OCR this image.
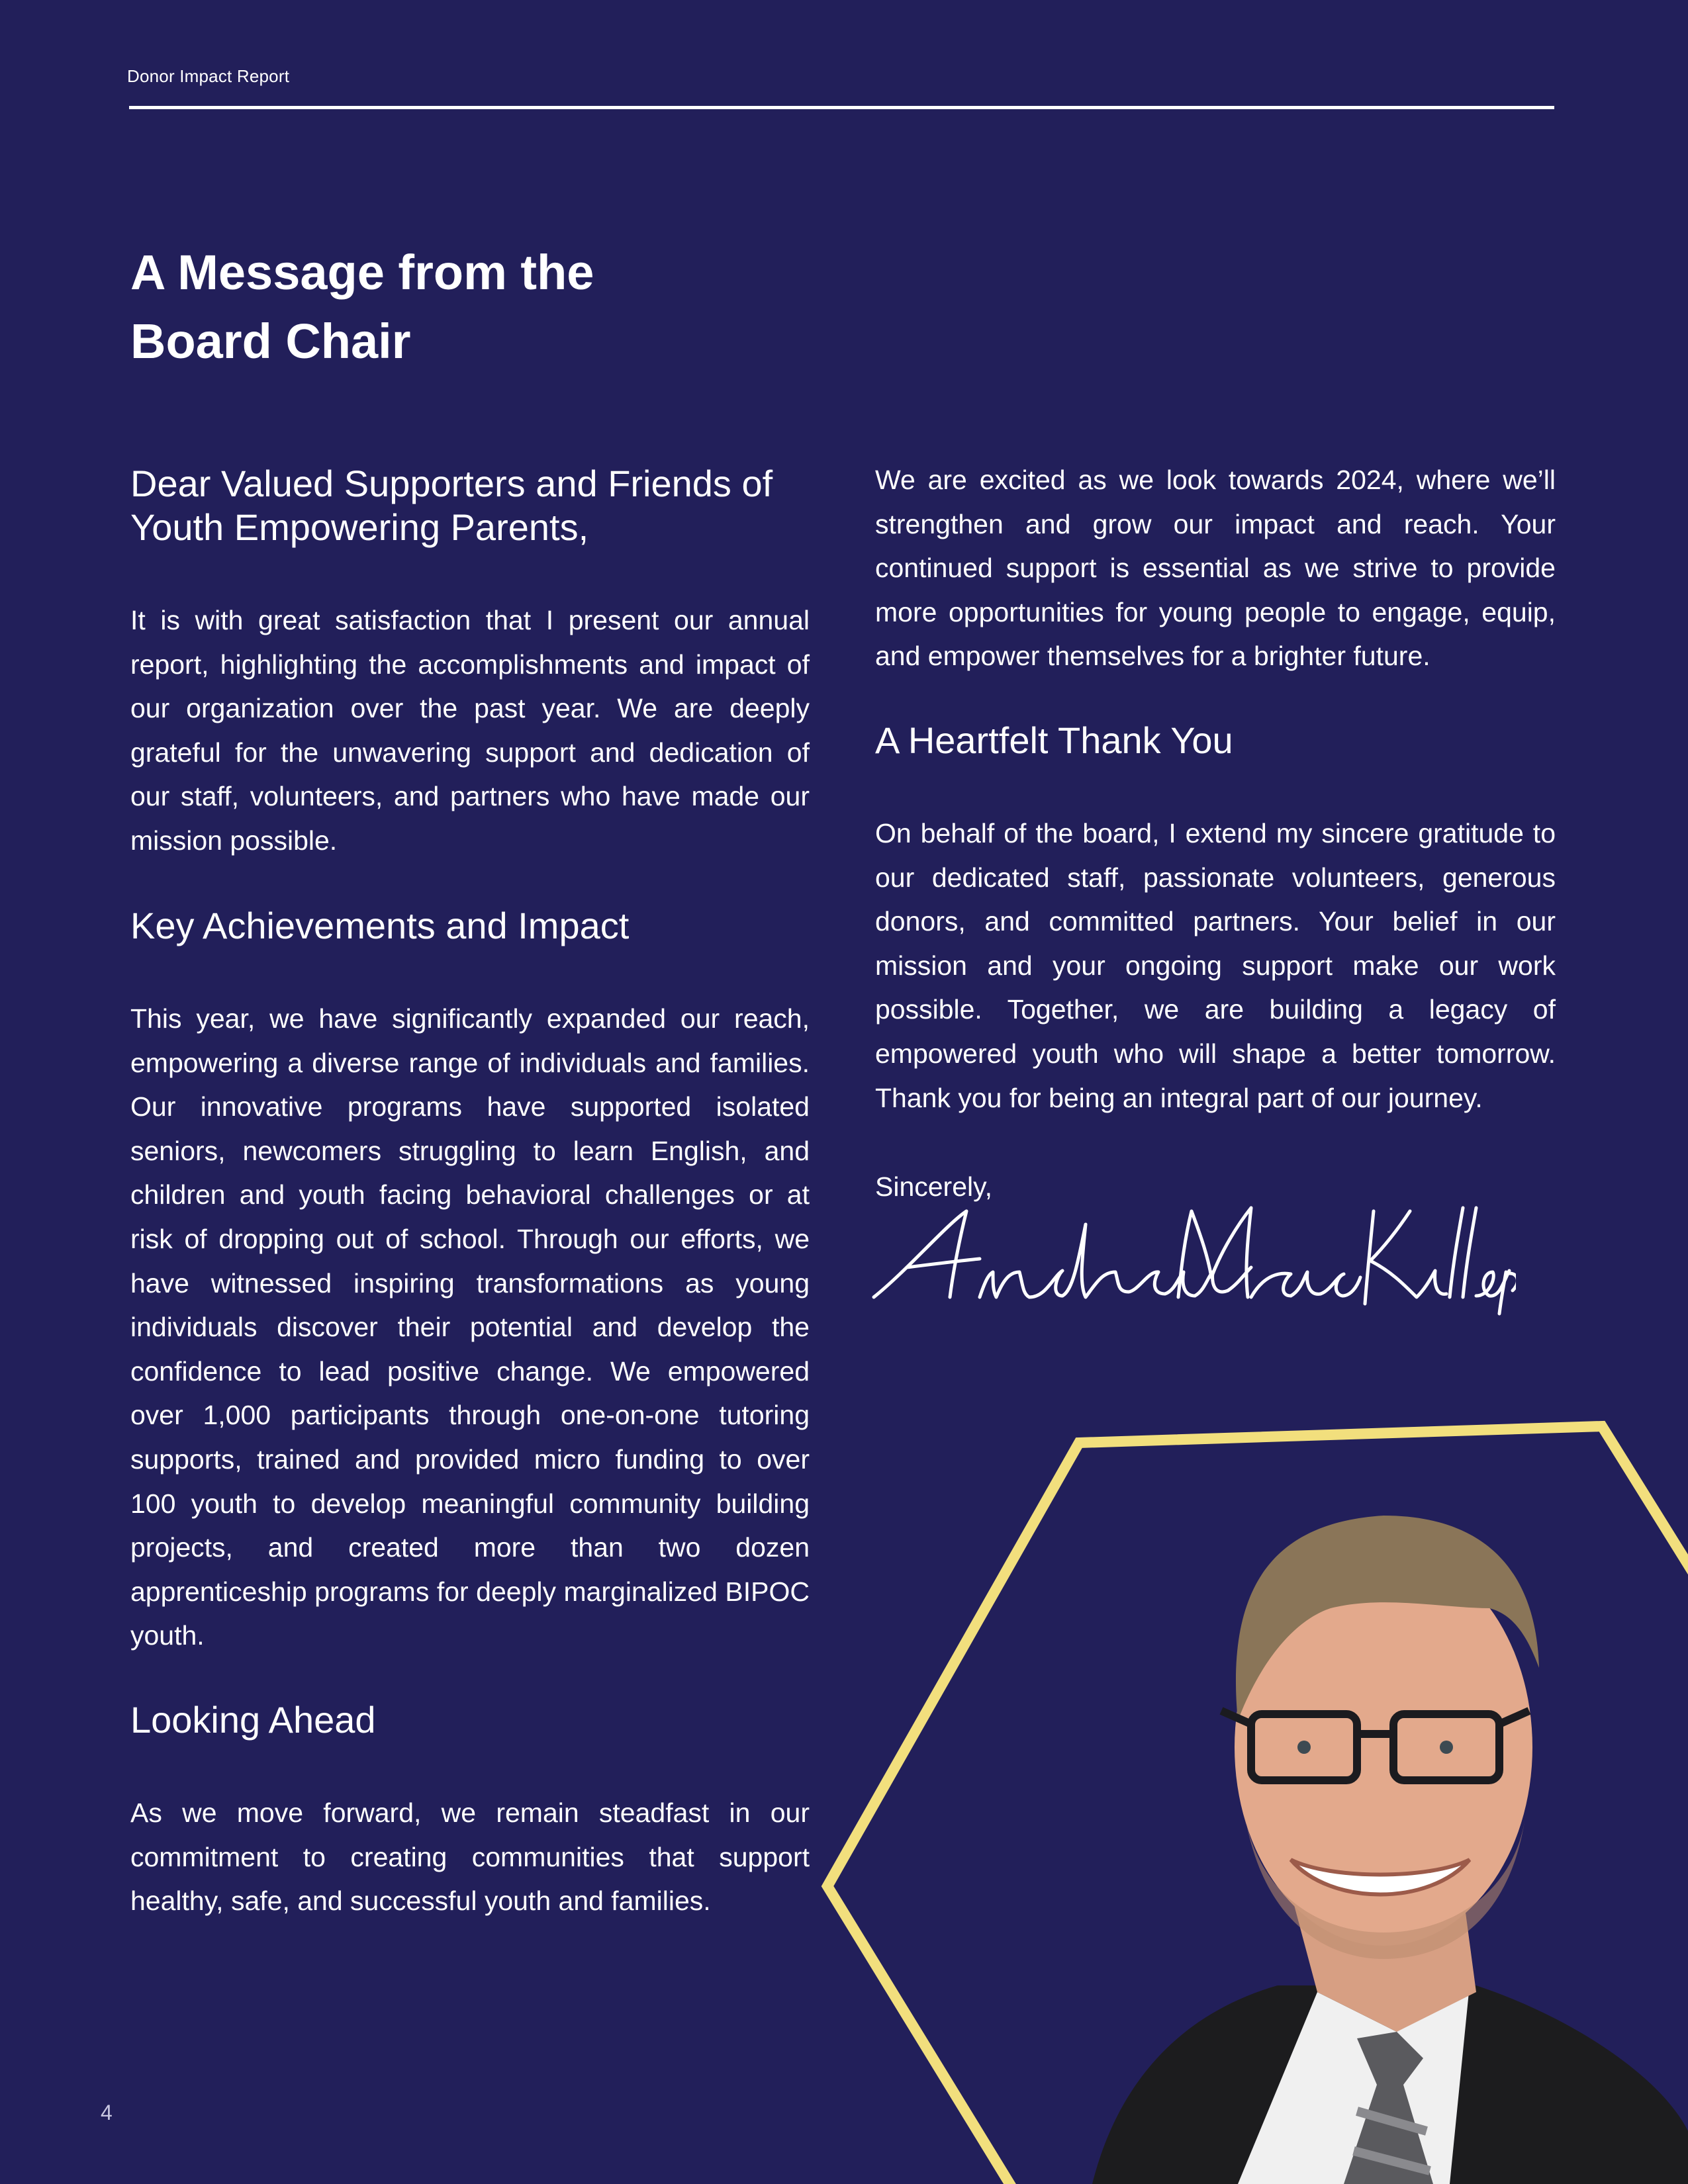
Donor Impact Report
A Message from the
Board Chair
Dear Valued Supporters and Friends of Youth Empowering Parents,

It is with great satisfaction that I present our annual report, highlighting the accomplishments and impact of our organization over the past year. We are deeply grateful for the unwavering support and dedication of our staff, volunteers, and partners who have made our mission possible.

Key Achievements and Impact

This year, we have significantly expanded our reach, empowering a diverse range of individuals and families. Our innovative programs have supported isolated seniors, newcomers struggling to learn English, and children and youth facing behavioral challenges or at risk of dropping out of school. Through our efforts, we have witnessed inspiring transformations as young individuals discover their potential and develop the confidence to lead positive change. We empowered over 1,000 participants through one-on-one tutoring supports, trained and provided micro funding to over 100 youth to develop meaningful community building projects, and created more than two dozen apprenticeship programs for deeply marginalized BIPOC youth.

Looking Ahead

As we move forward, we remain steadfast in our commitment to creating communities that support healthy, safe, and successful youth and families.

We are excited as we look towards 2024, where we’ll strengthen and grow our impact and reach. Your continued support is essential as we strive to provide more opportunities for young people to engage, equip, and empower themselves for a brighter future.

A Heartfelt Thank You

On behalf of the board, I extend my sincere gratitude to our dedicated staff, passionate volunteers, generous donors, and committed partners. Your belief in our mission and your ongoing support make our work possible. Together, we are building a legacy of empowered youth who will shape a better tomorrow. Thank you for being an integral part of our journey.

Sincerely,
4
